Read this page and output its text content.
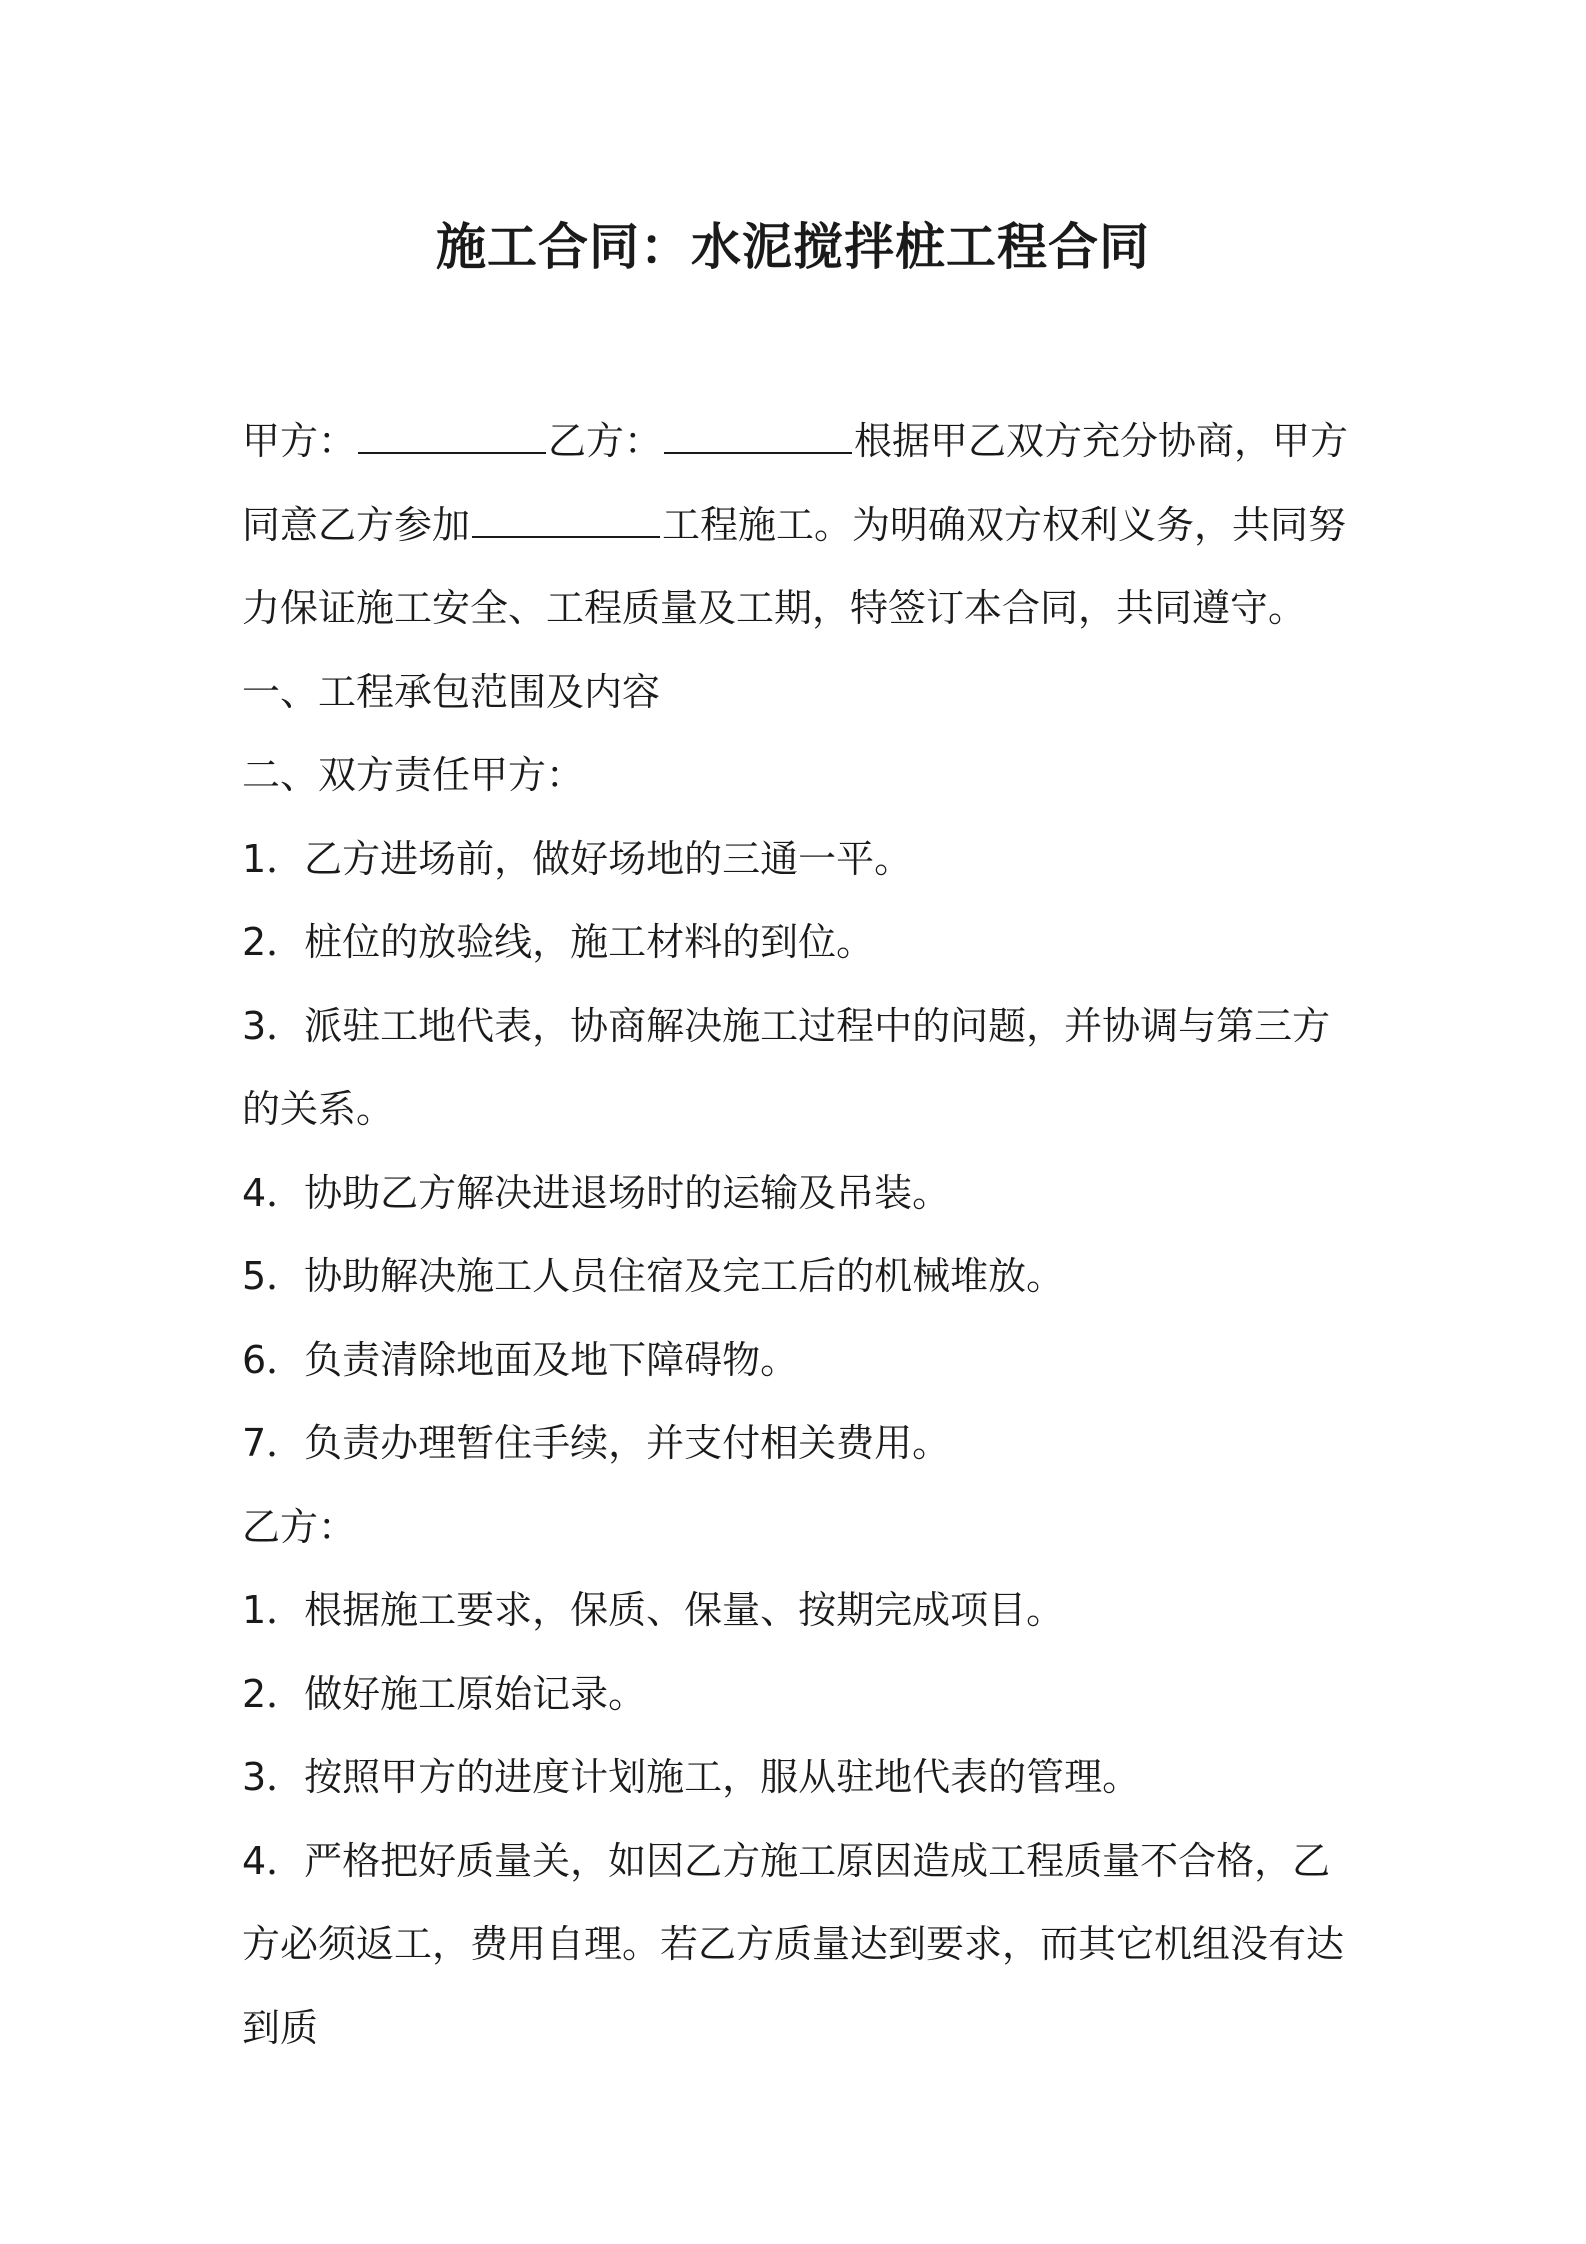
施工合同：水泥搅拌桩工程合同

甲方：	乙方：	根据甲乙双方充分协商，甲方同意乙方参加	工程施工。为明确双方权利义务，共同努力保证施工安全、工程质量及工期，特签订本合同，共同遵守。

一、工程承包范围及内容

二、双方责任甲方：

1．乙方进场前，做好场地的三通一平。

2．桩位的放验线，施工材料的到位。

3．派驻工地代表，协商解决施工过程中的问题，并协调与第三方的关系。

4．协助乙方解决进退场时的运输及吊装。

5．协助解决施工人员住宿及完工后的机械堆放。

6．负责清除地面及地下障碍物。

7．负责办理暂住手续，并支付相关费用。

乙方：

1．根据施工要求，保质、保量、按期完成项目。

2．做好施工原始记录。

3．按照甲方的进度计划施工，服从驻地代表的管理。

4．严格把好质量关，如因乙方施工原因造成工程质量不合格，乙方必须返工，费用自理。若乙方质量达到要求，而其它机组没有达到质
